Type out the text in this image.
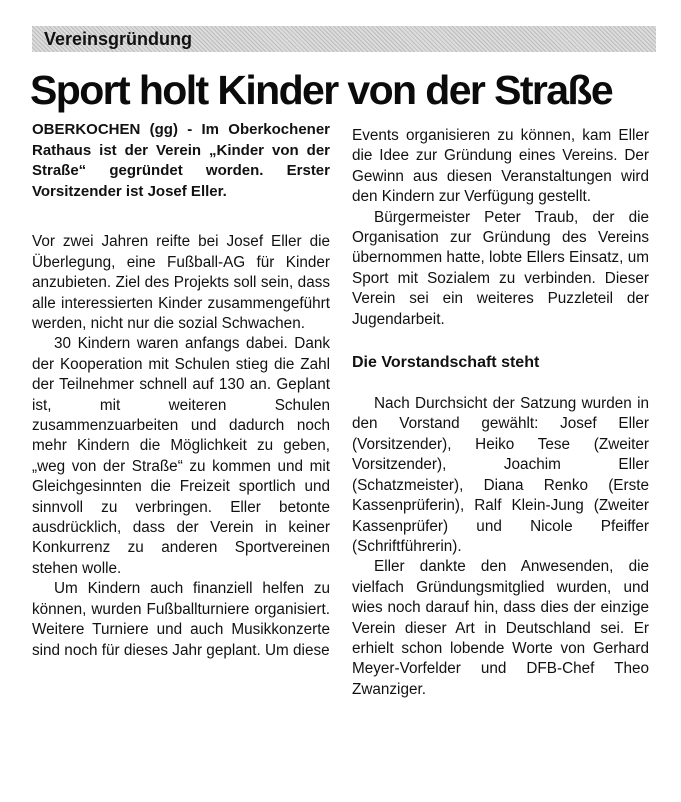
Vereinsgründung
Sport holt Kinder von der Straße

OBERKOCHEN (gg) - Im Oberkochener Rathaus ist der Verein „Kinder von der Straße“ gegründet worden. Erster Vorsitzender ist Josef Eller.

Vor zwei Jahren reifte bei Josef Eller die Überlegung, eine Fußball-AG für Kinder anzubieten. Ziel des Projekts soll sein, dass alle interessierten Kinder zusammengeführt werden, nicht nur die sozial Schwachen.

30 Kindern waren anfangs dabei. Dank der Kooperation mit Schulen stieg die Zahl der Teilnehmer schnell auf 130 an. Geplant ist, mit weiteren Schulen zusammenzuarbeiten und dadurch noch mehr Kindern die Möglichkeit zu geben, „weg von der Straße“ zu kommen und mit Gleichgesinnten die Freizeit sportlich und sinnvoll zu verbringen. Eller betonte ausdrücklich, dass der Verein in keiner Konkurrenz zu anderen Sportvereinen stehen wolle.

Um Kindern auch finanziell helfen zu können, wurden Fußballturniere organisiert. Weitere Turniere und auch Musikkonzerte sind noch für dieses Jahr geplant. Um diese

Events organisieren zu können, kam Eller die Idee zur Gründung eines Vereins. Der Gewinn aus diesen Veranstaltungen wird den Kindern zur Verfügung gestellt.

Bürgermeister Peter Traub, der die Organisation zur Gründung des Vereins übernommen hatte, lobte Ellers Einsatz, um Sport mit Sozialem zu verbinden. Dieser Verein sei ein weiteres Puzzleteil der Jugendarbeit.

Die Vorstandschaft steht

Nach Durchsicht der Satzung wurden in den Vorstand gewählt: Josef Eller (Vorsitzender), Heiko Tese (Zweiter Vorsitzender), Joachim Eller (Schatzmeister), Diana Renko (Erste Kassenprüferin), Ralf Klein-Jung (Zweiter Kassenprüfer) und Nicole Pfeiffer (Schriftführerin).

Eller dankte den Anwesenden, die vielfach Gründungsmitglied wurden, und wies noch darauf hin, dass dies der einzige Verein dieser Art in Deutschland sei. Er erhielt schon lobende Worte von Gerhard Meyer-Vorfelder und DFB-Chef Theo Zwanziger.
